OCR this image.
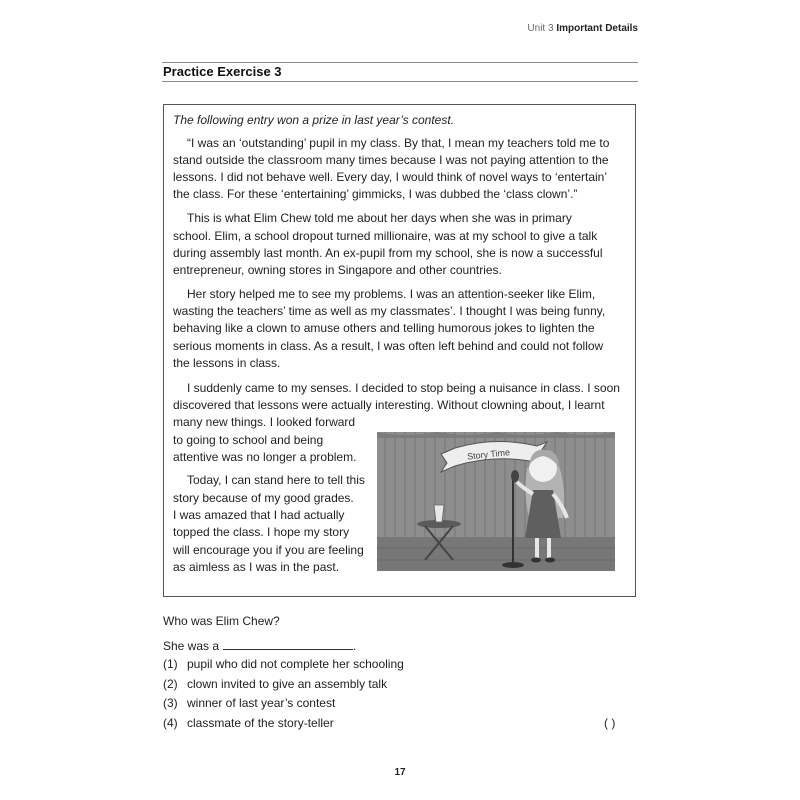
Unit 3 Important Details
Practice Exercise 3
The following entry won a prize in last year’s contest.
“I was an ‘outstanding’ pupil in my class. By that, I mean my teachers told me to
stand outside the classroom many times because I was not paying attention to the
lessons. I did not behave well. Every day, I would think of novel ways to ‘entertain’
the class. For these ‘entertaining’ gimmicks, I was dubbed the ‘class clown’.”
This is what Elim Chew told me about her days when she was in primary
school. Elim, a school dropout turned millionaire, was at my school to give a talk
during assembly last month. An ex-pupil from my school, she is now a successful
entrepreneur, owning stores in Singapore and other countries.
Her story helped me to see my problems. I was an attention-seeker like Elim,
wasting the teachers’ time as well as my classmates’. I thought I was being funny,
behaving like a clown to amuse others and telling humorous jokes to lighten the
serious moments in class. As a result, I was often left behind and could not follow
the lessons in class.
I suddenly came to my senses. I decided to stop being a nuisance in class. I soon
discovered that lessons were actually interesting. Without clowning about, I learnt
many new things. I looked forward
to going to school and being
attentive was no longer a problem.
Today, I can stand here to tell this
story because of my good grades.
I was amazed that I had actually
topped the class. I hope my story
will encourage you if you are feeling
as aimless as I was in the past.
Story Time
Who was Elim Chew?
She was a	.
(1) pupil who did not complete her schooling
(2) clown invited to give an assembly talk
(3) winner of last year’s contest
(4) classmate of the story-teller	( )
17
